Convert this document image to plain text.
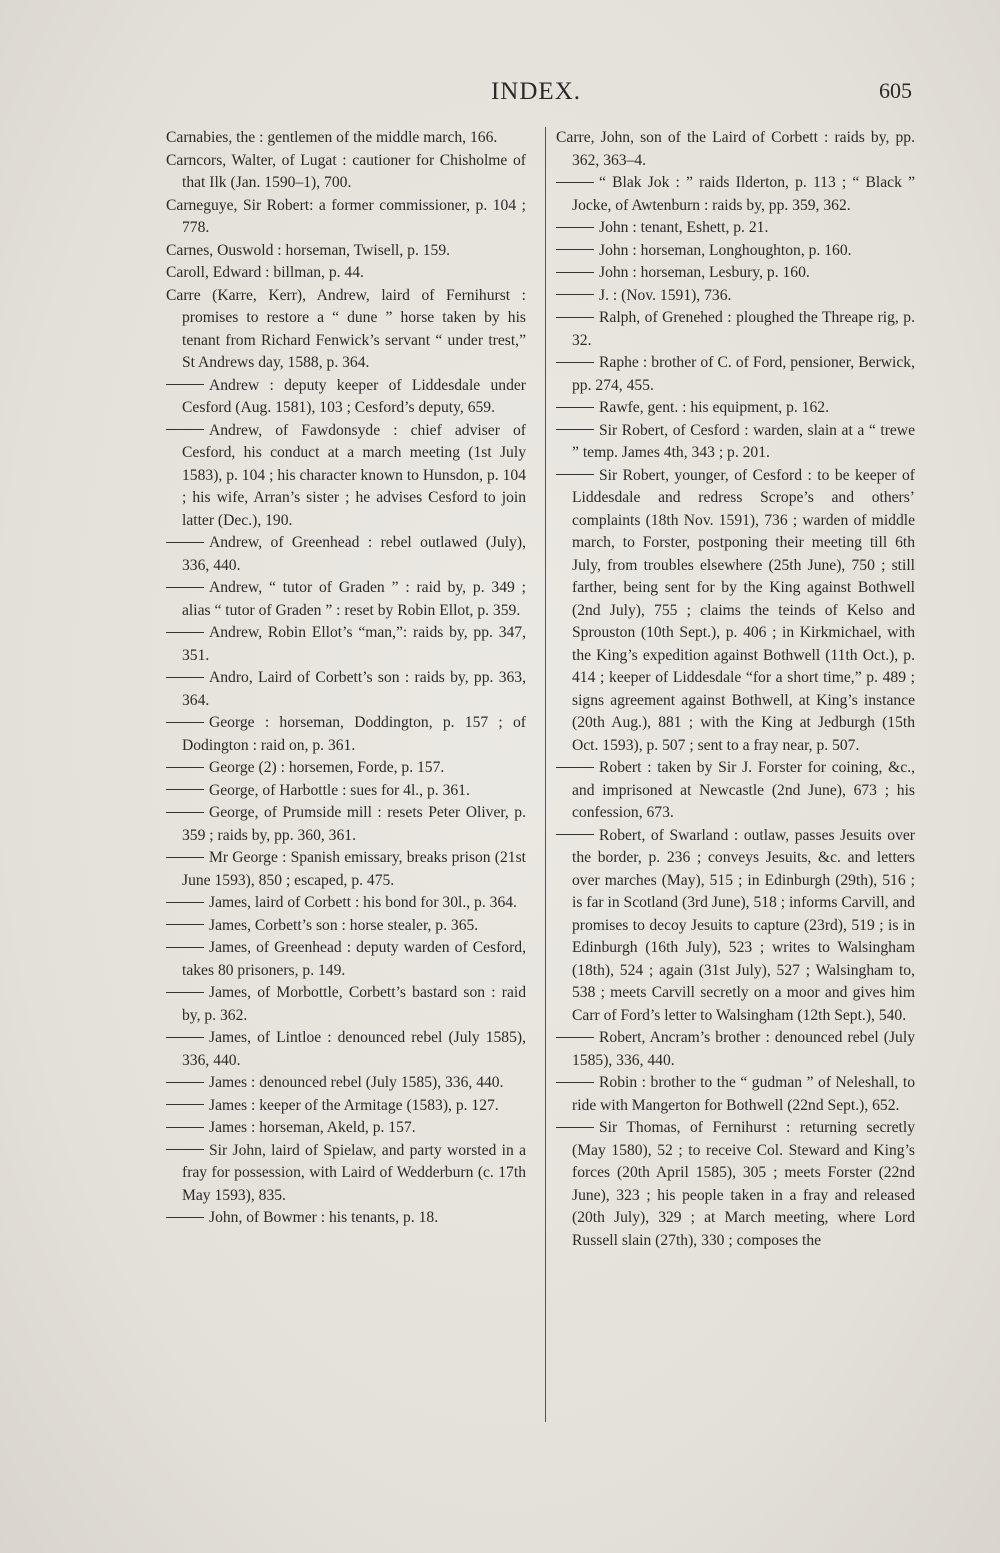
INDEX.	605

Carnabies, the : gentlemen of the middle march, 166.

Carncors, Walter, of Lugat : cautioner for Chisholme of that Ilk (Jan. 1590–1), 700.

Carneguye, Sir Robert: a former commissioner, p. 104 ; 778.

Carnes, Ouswold : horseman, Twisell, p. 159.

Caroll, Edward : billman, p. 44.

Carre (Karre, Kerr), Andrew, laird of Fernihurst : promises to restore a “ dune ” horse taken by his tenant from Richard Fenwick’s servant “ under trest,” St Andrews day, 1588, p. 364.

Andrew : deputy keeper of Liddesdale under Cesford (Aug. 1581), 103 ; Cesford’s deputy, 659.

Andrew, of Fawdonsyde : chief adviser of Cesford, his conduct at a march meeting (1st July 1583), p. 104 ; his character known to Hunsdon, p. 104 ; his wife, Arran’s sister ; he advises Cesford to join latter (Dec.), 190.

Andrew, of Greenhead : rebel outlawed (July), 336, 440.

Andrew, “ tutor of Graden ” : raid by, p. 349 ; alias “ tutor of Graden ” : reset by Robin Ellot, p. 359.

Andrew, Robin Ellot’s “man,”: raids by, pp. 347, 351.

Andro, Laird of Corbett’s son : raids by, pp. 363, 364.

George : horseman, Doddington, p. 157 ; of Dodington : raid on, p. 361.

George (2) : horsemen, Forde, p. 157.

George, of Harbottle : sues for 4l., p. 361.

George, of Prumside mill : resets Peter Oliver, p. 359 ; raids by, pp. 360, 361.

Mr George : Spanish emissary, breaks prison (21st June 1593), 850 ; escaped, p. 475.

James, laird of Corbett : his bond for 30l., p. 364.

James, Corbett’s son : horse stealer, p. 365.

James, of Greenhead : deputy warden of Cesford, takes 80 prisoners, p. 149.

James, of Morbottle, Corbett’s bastard son : raid by, p. 362.

James, of Lintloe : denounced rebel (July 1585), 336, 440.

James : denounced rebel (July 1585), 336, 440.

James : keeper of the Armitage (1583), p. 127.

James : horseman, Akeld, p. 157.

Sir John, laird of Spielaw, and party worsted in a fray for possession, with Laird of Wedderburn (c. 17th May 1593), 835.

John, of Bowmer : his tenants, p. 18.

Carre, John, son of the Laird of Corbett : raids by, pp. 362, 363–4.

“ Blak Jok : ” raids Ilderton, p. 113 ; “ Black ” Jocke, of Awtenburn : raids by, pp. 359, 362.

John : tenant, Eshett, p. 21.

John : horseman, Longhoughton, p. 160.

John : horseman, Lesbury, p. 160.

J. : (Nov. 1591), 736.

Ralph, of Grenehed : ploughed the Threape rig, p. 32.

Raphe : brother of C. of Ford, pensioner, Berwick, pp. 274, 455.

Rawfe, gent. : his equipment, p. 162.

Sir Robert, of Cesford : warden, slain at a “ trewe ” temp. James 4th, 343 ; p. 201.

Sir Robert, younger, of Cesford : to be keeper of Liddesdale and redress Scrope’s and others’ complaints (18th Nov. 1591), 736 ; warden of middle march, to Forster, postponing their meeting till 6th July, from troubles elsewhere (25th June), 750 ; still farther, being sent for by the King against Bothwell (2nd July), 755 ; claims the teinds of Kelso and Sprouston (10th Sept.), p. 406 ; in Kirkmichael, with the King’s expedition against Bothwell (11th Oct.), p. 414 ; keeper of Liddesdale “for a short time,” p. 489 ; signs agreement against Bothwell, at King’s instance (20th Aug.), 881 ; with the King at Jedburgh (15th Oct. 1593), p. 507 ; sent to a fray near, p. 507.

Robert : taken by Sir J. Forster for coining, &c., and imprisoned at Newcastle (2nd June), 673 ; his confession, 673.

Robert, of Swarland : outlaw, passes Jesuits over the border, p. 236 ; conveys Jesuits, &c. and letters over marches (May), 515 ; in Edinburgh (29th), 516 ; is far in Scotland (3rd June), 518 ; informs Carvill, and promises to decoy Jesuits to capture (23rd), 519 ; is in Edinburgh (16th July), 523 ; writes to Walsingham (18th), 524 ; again (31st July), 527 ; Walsingham to, 538 ; meets Carvill secretly on a moor and gives him Carr of Ford’s letter to Walsingham (12th Sept.), 540.

Robert, Ancram’s brother : denounced rebel (July 1585), 336, 440.

Robin : brother to the “ gudman ” of Neleshall, to ride with Mangerton for Bothwell (22nd Sept.), 652.

Sir Thomas, of Fernihurst : returning secretly (May 1580), 52 ; to receive Col. Steward and King’s forces (20th April 1585), 305 ; meets Forster (22nd June), 323 ; his people taken in a fray and released (20th July), 329 ; at March meeting, where Lord Russell slain (27th), 330 ; composes the
